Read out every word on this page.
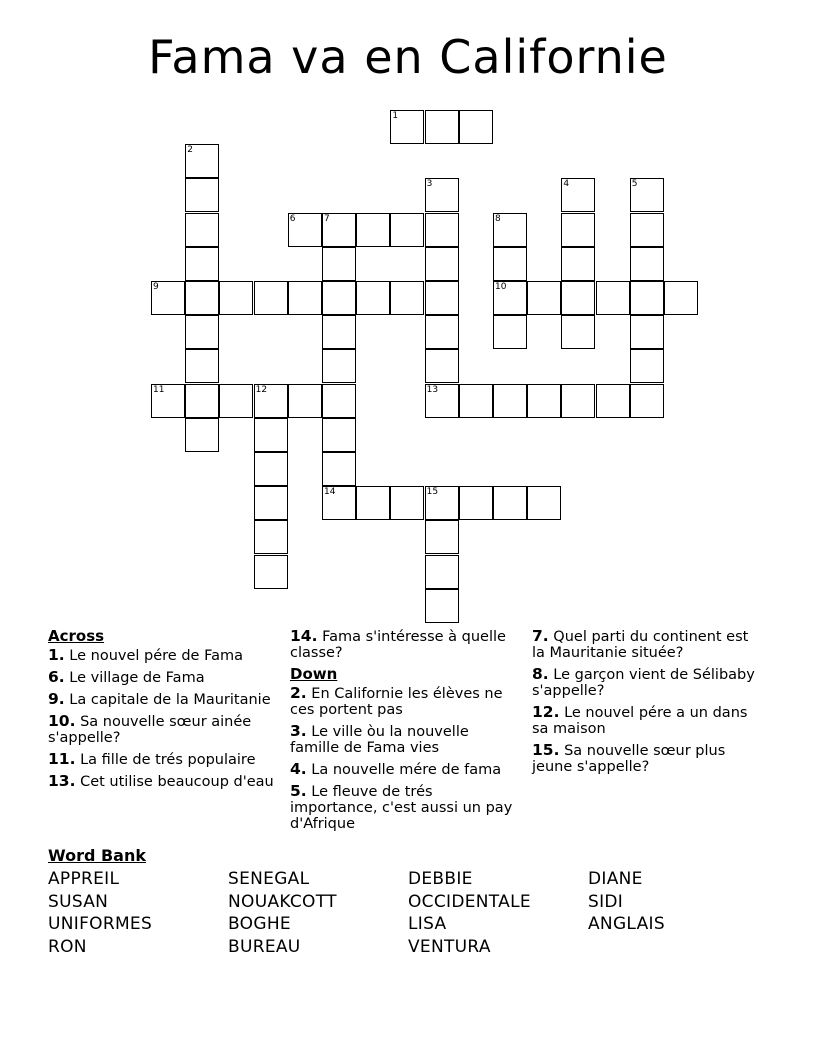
Fama va en Californie
1
2
3
13
4	5
6	7
14
8
10
9
11	12
15
Across
1. Le nouvel pére de Fama
6. Le village de Fama
9. La capitale de la Mauritanie
10. Sa nouvelle sœur ainée s'appelle?
11. La fille de trés populaire
13. Cet utilise beaucoup d'eau
14. Fama s'intéresse à quelle classe?
Down
2. En Californie les élèves ne ces portent pas
3. Le ville òu la nouvelle famille de Fama vies
4. La nouvelle mére de fama
5. Le fleuve de trés importance, c'est aussi un pay d'Afrique
7. Quel parti du continent est la Mauritanie située?
8. Le garçon vient de Sélibaby s'appelle?
12. Le nouvel pére a un dans sa maison
15. Sa nouvelle sœur plus jeune s'appelle?
Word Bank
APPREIL	SENEGAL	DEBBIE	DIANE
SUSAN	NOUAKCOTT	OCCIDENTALE	SIDI
UNIFORMES	BOGHE	LISA	ANGLAIS
RON	BUREAU	VENTURA
